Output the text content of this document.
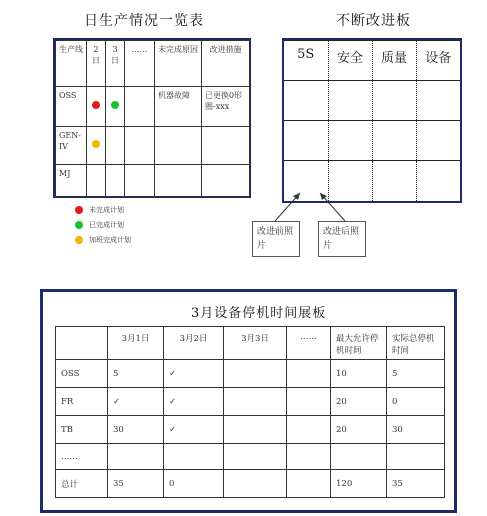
日生产情况一览表
生产线	2日	3日	……	未完成原因	改进措施
OSS				机器故障	已更换0形圈-xxx
GEN-IV					
MJ					
未完成计划
已完成计划
加班完成计划
不断改进板
5S	安全	质量	设备

改进前照片
改进后照片
3月设备停机时间展板
	3月1日	3月2日	3月3日	……	最大允许停机时间	实际总停机时间
OSS	5	✓			10	5
FR	✓	✓			20	0
TB	30	✓			20	30
……						
总计	35	0			120	35
